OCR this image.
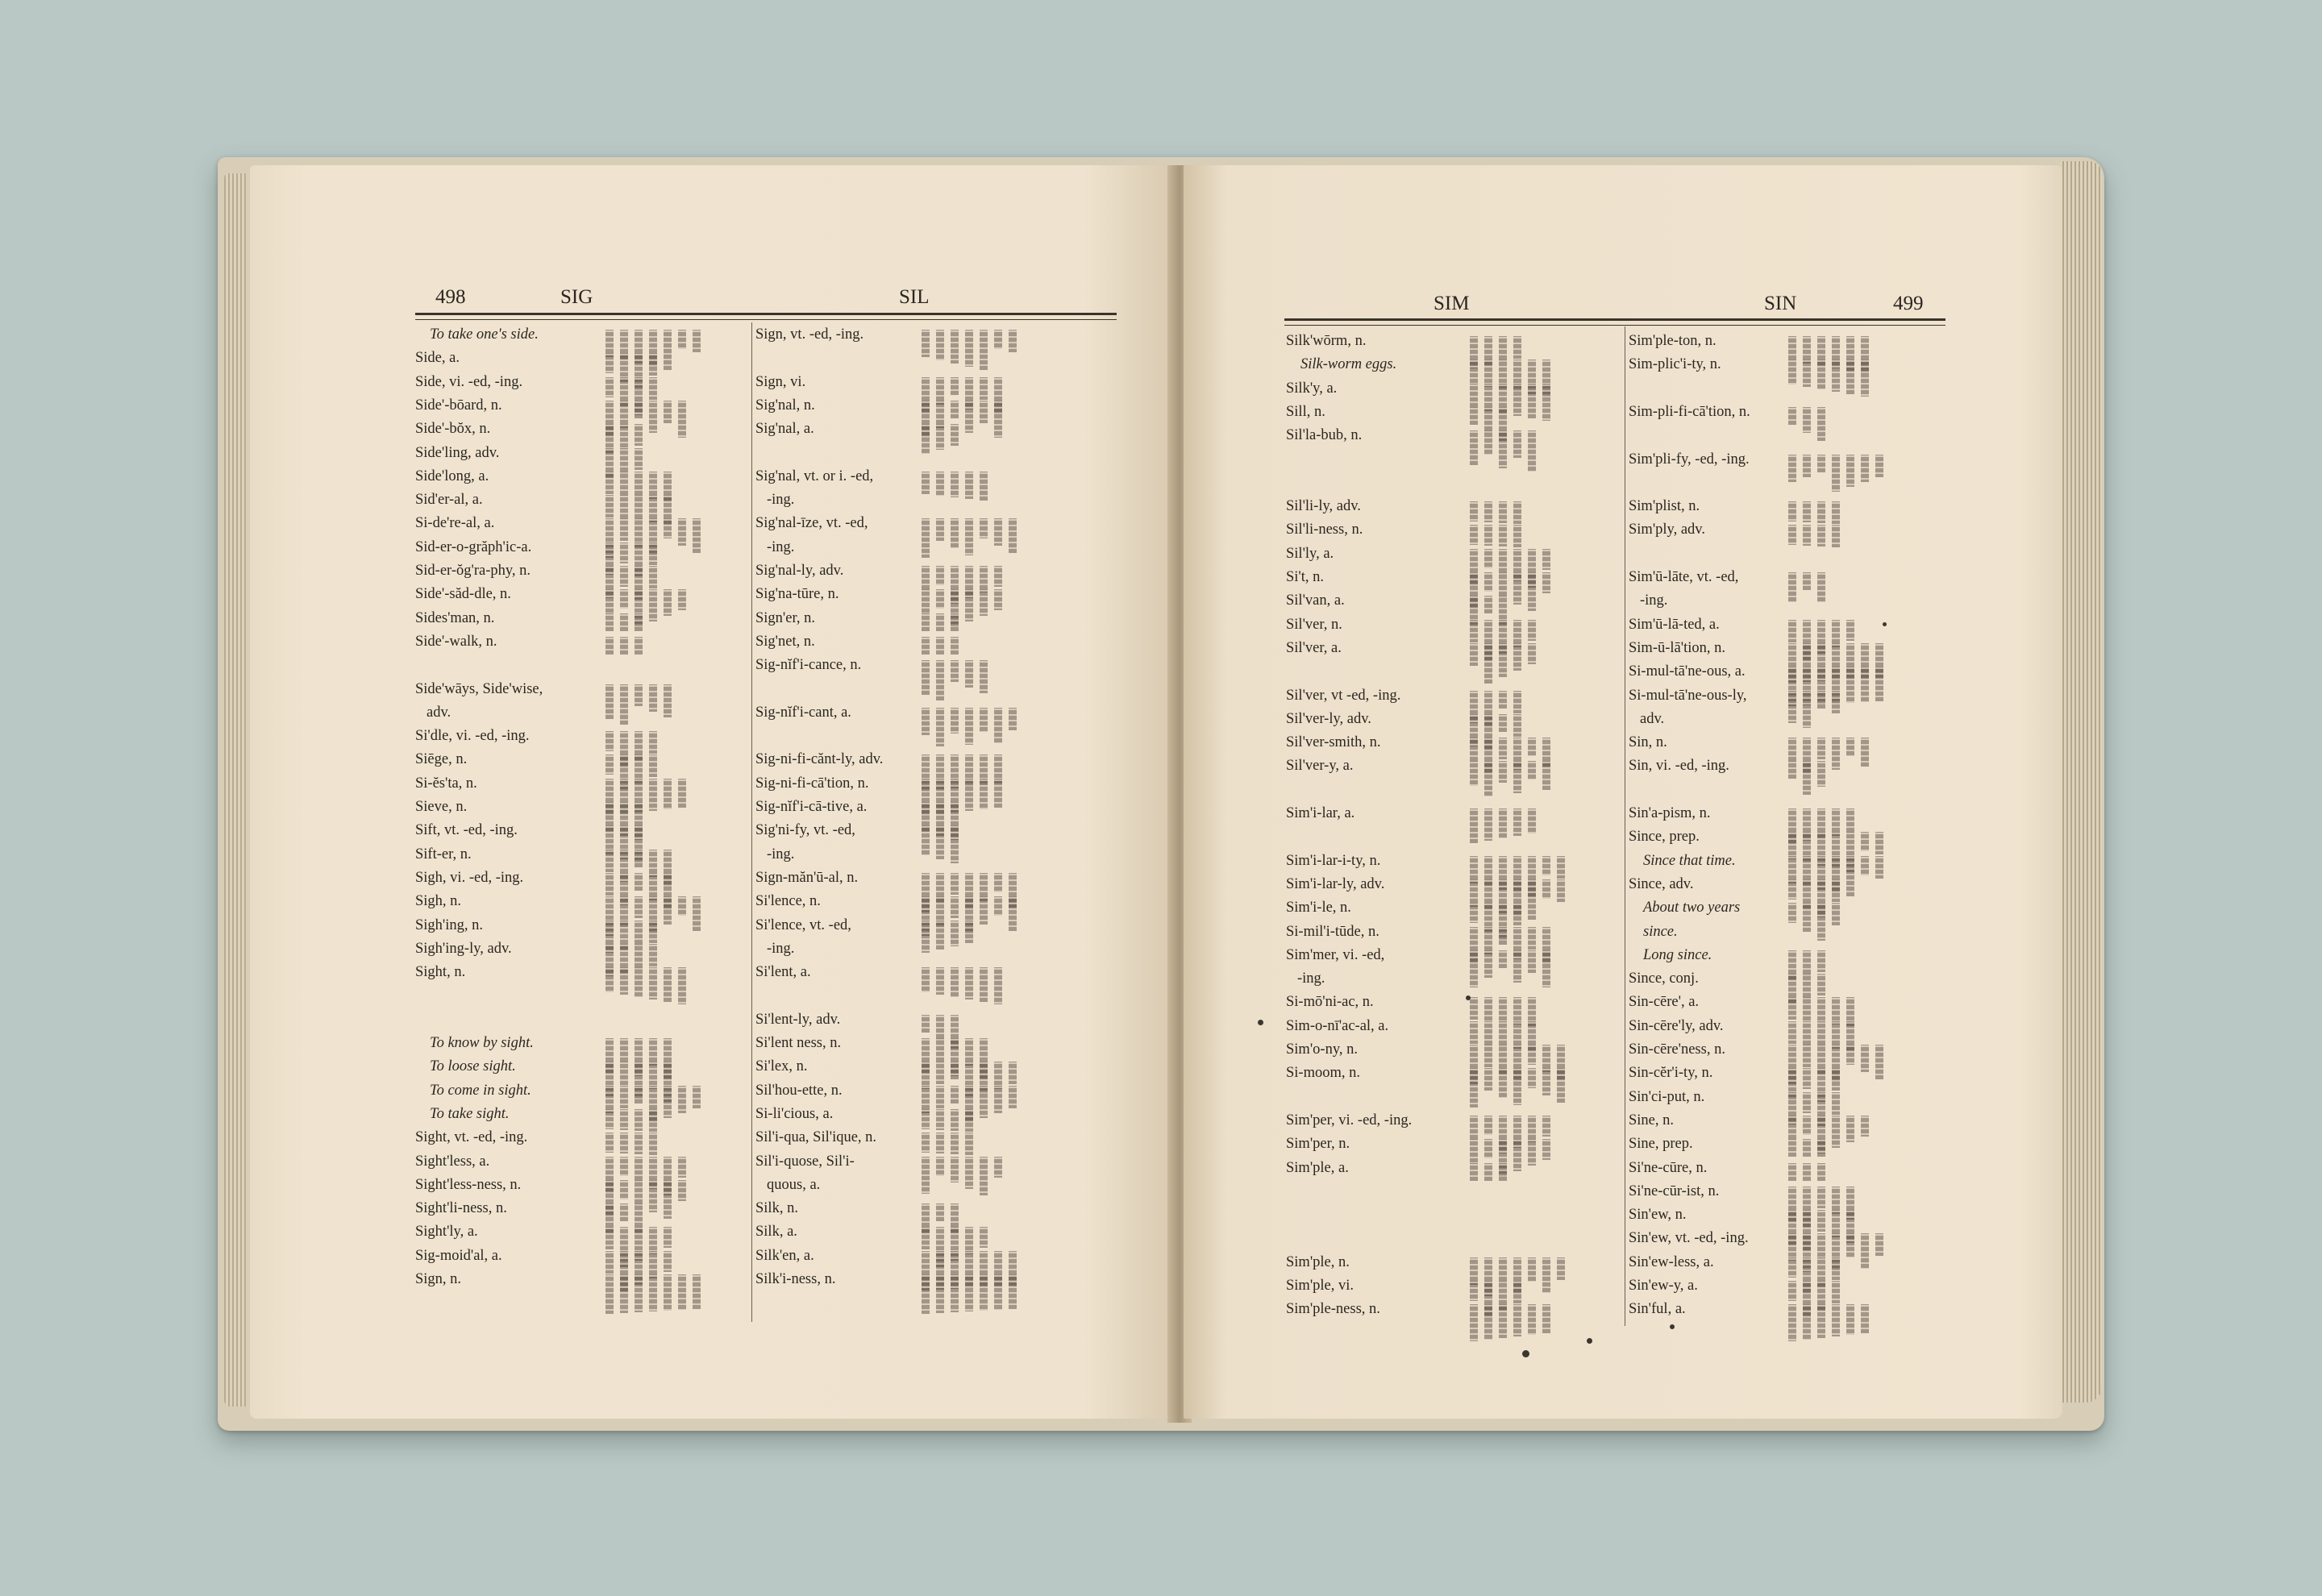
498	SIG	SIL
To take one's side.
Side, a.
Side, vi. -ed, -ing.
Side'-bōard, n.
Side'-bŏx, n.
Side'ling, adv.
Side'long, a.
Sid'er-al, a.
Si-de're-al, a.
Sid-er-o-grăph'ic-a.
Sid-er-ŏg'ra-phy, n.
Side'-săd-dle, n.
Sides'man, n.
Side'-walk, n.
Side'wāys, Side'wise,
adv.
Si'dle, vi. -ed, -ing.
Siēge, n.
Si-ĕs'ta, n.
Sieve, n.
Sift, vt. -ed, -ing.
Sift-er, n.
Sigh, vi. -ed, -ing.
Sigh, n.
Sigh'ing, n.
Sigh'ing-ly, adv.
Sight, n.
To know by sight.
To loose sight.
To come in sight.
To take sight.
Sight, vt. -ed, -ing.
Sight'less, a.
Sight'less-ness, n.
Sight'li-ness, n.
Sight'ly, a.
Sig-moid'al, a.
Sign, n.
Sign, vt. -ed, -ing.
Sign, vi.
Sig'nal, n.
Sig'nal, a.
Sig'nal, vt. or i. -ed,
-ing.
Sig'nal-īze, vt. -ed,
-ing.
Sig'nal-ly, adv.
Sig'na-tūre, n.
Sign'er, n.
Sig'net, n.
Sig-nĭf'i-cance, n.
Sig-nĭf'i-cant, a.
Sig-ni-fi-cănt-ly, adv.
Sig-ni-fi-cā'tion, n.
Sig-nĭf'i-cā-tive, a.
Sig'ni-fy, vt. -ed,
-ing.
Sign-măn'ū-al, n.
Si'lence, n.
Si'lence, vt. -ed,
-ing.
Si'lent, a.
Si'lent-ly, adv.
Si'lent ness, n.
Si'lex, n.
Sil'hou-ette, n.
Si-li'cious, a.
Sil'i-qua, Sil'ique, n.
Sil'i-quose, Sil'i-
quous, a.
Silk, n.
Silk, a.
Silk'en, a.
Silk'i-ness, n.
SIM	SIN	499
Silk'wōrm, n.
Silk-worm eggs.
Silk'y, a.
Sill, n.
Sil'la-bub, n.
Sil'li-ly, adv.
Sil'li-ness, n.
Sil'ly, a.
Si't, n.
Sil'van, a.
Sil'ver, n.
Sil'ver, a.
Sil'ver, vt -ed, -ing.
Sil'ver-ly, adv.
Sil'ver-smith, n.
Sil'ver-y, a.
Sim'i-lar, a.
Sim'i-lar-i-ty, n.
Sim'i-lar-ly, adv.
Sim'i-le, n.
Si-mil'i-tūde, n.
Sim'mer, vi. -ed,
-ing.
Si-mō'ni-ac, n.
Sim-o-nī'ac-al, a.
Sim'o-ny, n.
Si-moom, n.
Sim'per, vi. -ed, -ing.
Sim'per, n.
Sim'ple, a.
Sim'ple, n.
Sim'ple, vi.
Sim'ple-ness, n.
Sim'ple-ton, n.
Sim-plic'i-ty, n.
Sim-pli-fi-cā'tion, n.
Sim'pli-fy, -ed, -ing.
Sim'plist, n.
Sim'ply, adv.
Sim'ū-lāte, vt. -ed,
-ing.
Sim'ū-lā-ted, a.
Sim-ū-lā'tion, n.
Si-mul-tā'ne-ous, a.
Si-mul-tā'ne-ous-ly,
adv.
Sin, n.
Sin, vi. -ed, -ing.
Sin'a-pism, n.
Since, prep.
Since that time.
Since, adv.
About two years
since.
Long since.
Since, conj.
Sin-cēre', a.
Sin-cēre'ly, adv.
Sin-cēre'ness, n.
Sin-cĕr'i-ty, n.
Sin'ci-put, n.
Sine, n.
Sine, prep.
Si'ne-cūre, n.
Si'ne-cūr-ist, n.
Sin'ew, n.
Sin'ew, vt. -ed, -ing.
Sin'ew-less, a.
Sin'ew-y, a.
Sin'ful, a.
